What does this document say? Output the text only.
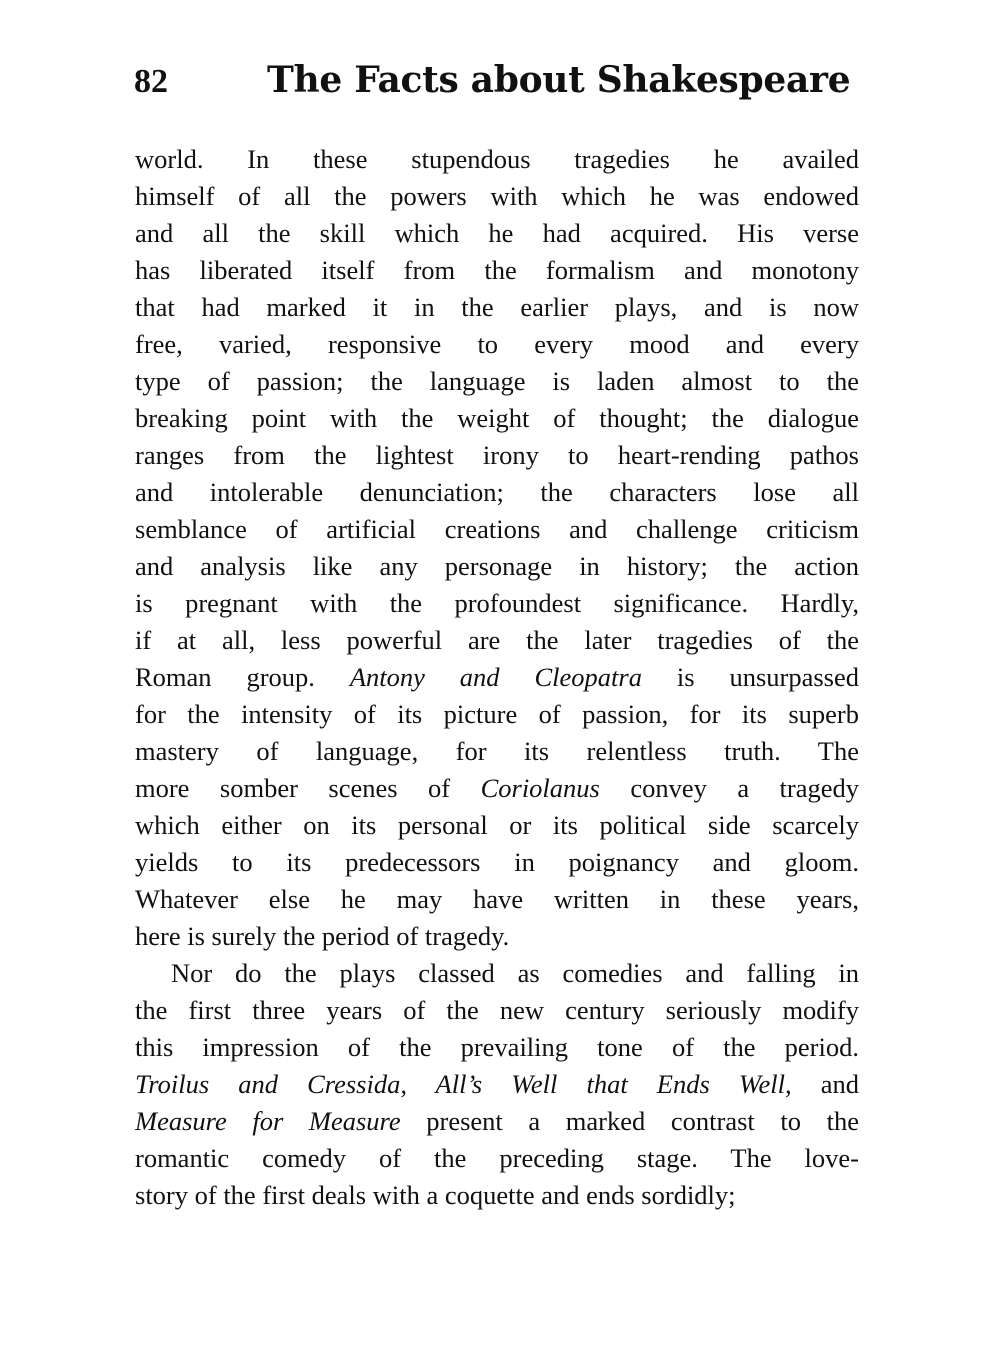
82	The Facts about Shakespeare
world. In these stupendous tragedies he availed
himself of all the powers with which he was endowed
and all the skill which he had acquired. His verse
has liberated itself from the formalism and monotony
that had marked it in the earlier plays, and is now
free, varied, responsive to every mood and every
type of passion; the language is laden almost to the
breaking point with the weight of thought; the dialogue
ranges from the lightest irony to heart-rending pathos
and intolerable denunciation; the characters lose all
semblance of artificial creations and challenge criticism
and analysis like any personage in history; the action
is pregnant with the profoundest significance. Hardly,
if at all, less powerful are the later tragedies of the
Roman group. Antony and Cleopatra is unsurpassed
for the intensity of its picture of passion, for its superb
mastery of language, for its relentless truth. The
more somber scenes of Coriolanus convey a tragedy
which either on its personal or its political side scarcely
yields to its predecessors in poignancy and gloom.
Whatever else he may have written in these years,
here is surely the period of tragedy.
Nor do the plays classed as comedies and falling in
the first three years of the new century seriously modify
this impression of the prevailing tone of the period.
Troilus and Cressida, All’s Well that Ends Well, and
Measure for Measure present a marked contrast to the
romantic comedy of the preceding stage. The love-
story of the first deals with a coquette and ends sordidly;
